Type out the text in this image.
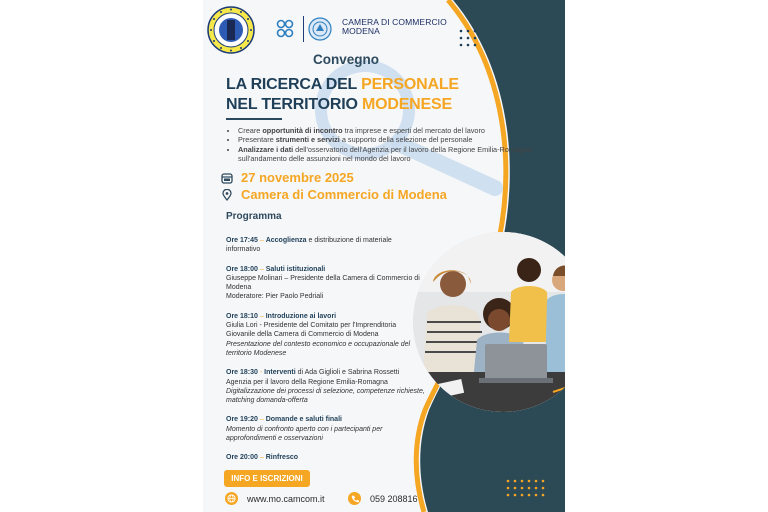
CAMERA DI COMMERCIO
MODENA
Convegno
LA RICERCA DEL PERSONALE
NEL TERRITORIO MODENESE
• Creare opportunità di incontro tra imprese e esperti del mercato del lavoro
• Presentare strumenti e servizi a supporto della selezione del personale
• Analizzare i dati dell'osservatorio dell'Agenzia per il lavoro della Regione Emilia-Romagna, sull'andamento delle assunzioni nel mondo del lavoro
27 novembre 2025
Camera di Commercio di Modena
Programma
Ore 17:45 – Accoglienza e distribuzione di materiale informativo
Ore 18:00 – Saluti istituzionali
Giuseppe Molinari – Presidente della Camera di Commercio di Modena
Moderatore: Pier Paolo Pedriali
Ore 18:10 – Introduzione ai lavori
Giulia Lori - Presidente del Comitato per l'Imprenditoria Giovanile della Camera di Commercio di Modena
Presentazione del contesto economico e occupazionale del territorio Modenese
Ore 18:30 - Interventi di Ada Giglioli e Sabrina Rossetti
Agenzia per il lavoro della Regione Emilia-Romagna
Digitalizzazione dei processi di selezione, competenze richieste, matching domanda-offerta
Ore 19:20 – Domande e saluti finali
Momento di confronto aperto con i partecipanti per approfondimenti e osservazioni
Ore 20:00 – Rinfresco
INFO E ISCRIZIONI
www.mo.camcom.it	059 208816
